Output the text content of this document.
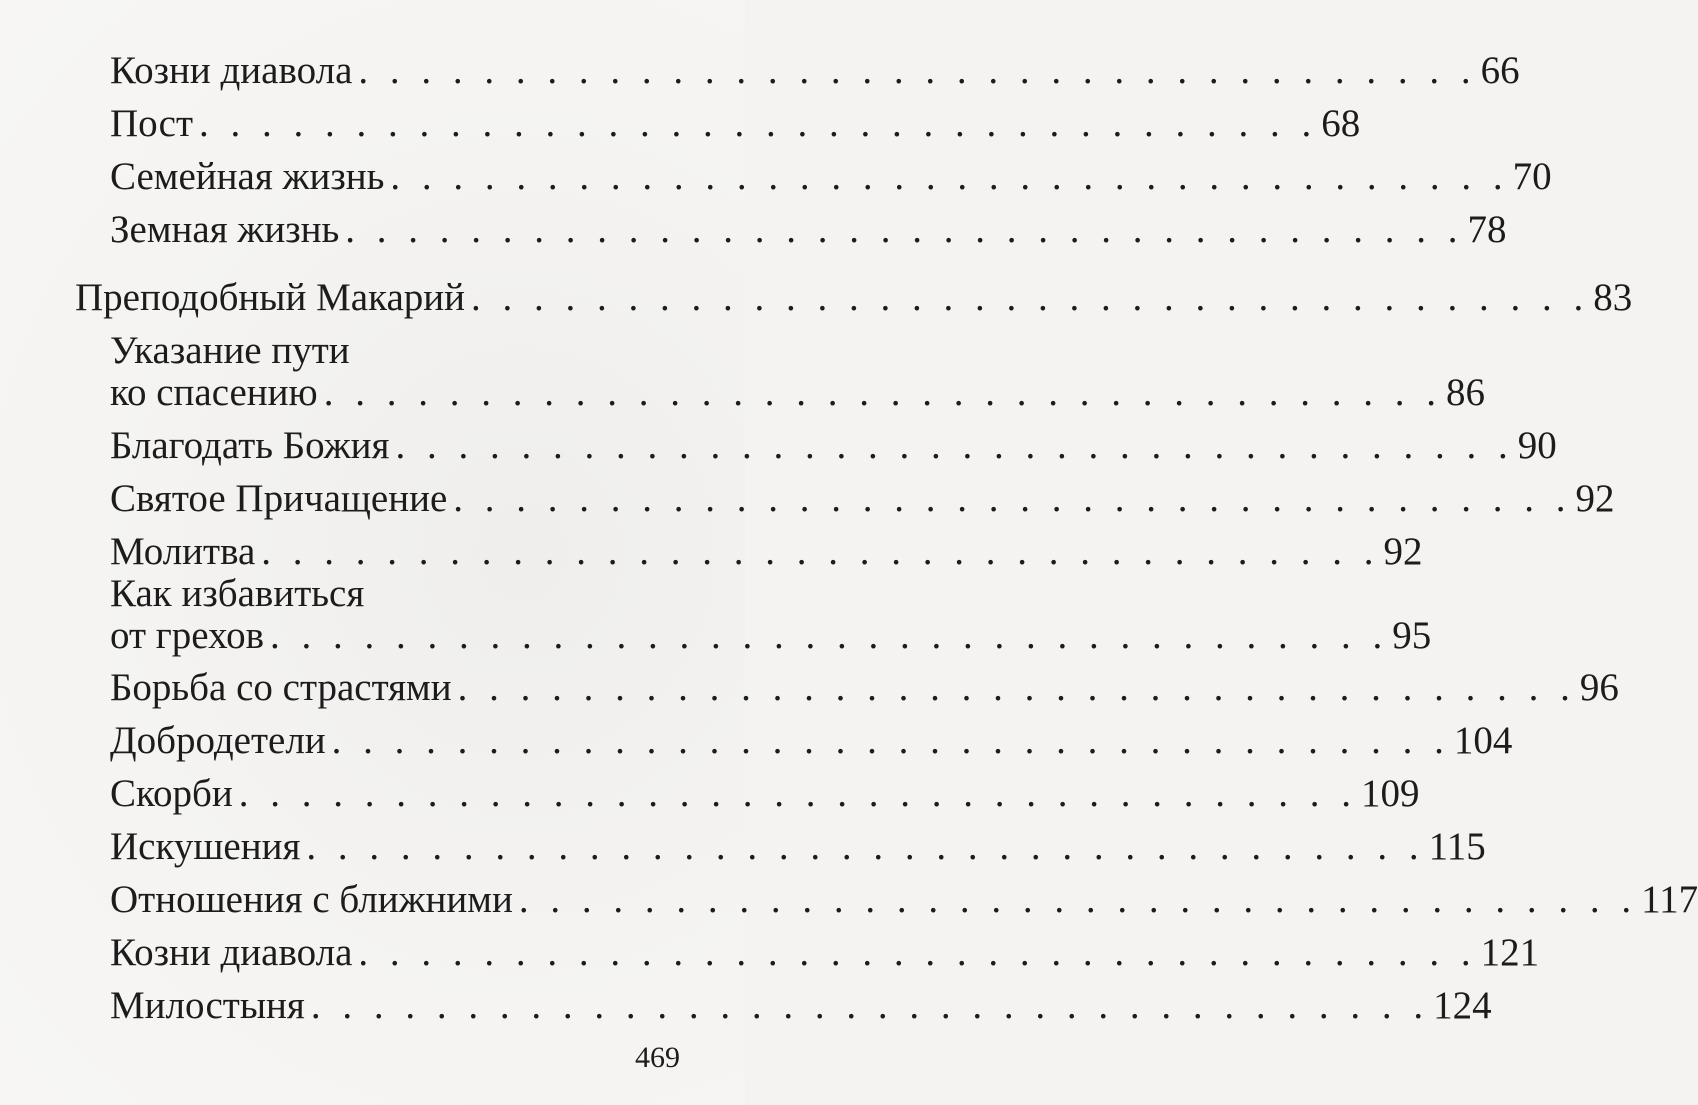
Козни диавола . . . . . . . . . . . . . . . . . . . . . . . . . . . . . . . . . . . . 66
Пост . . . . . . . . . . . . . . . . . . . . . . . . . . . . . . . . . . . . 68
Семейная жизнь . . . . . . . . . . . . . . . . . . . . . . . . . . . . . . . . . . . . 70
Земная жизнь . . . . . . . . . . . . . . . . . . . . . . . . . . . . . . . . . . . . 78
Преподобный Макарий . . . . . . . . . . . . . . . . . . . . . . . . . . . . . . . . . . . . 83
Указание пути
ко спасению . . . . . . . . . . . . . . . . . . . . . . . . . . . . . . . . . . . . 86
Благодать Божия . . . . . . . . . . . . . . . . . . . . . . . . . . . . . . . . . . . . 90
Святое Причащение . . . . . . . . . . . . . . . . . . . . . . . . . . . . . . . . . . . . 92
Молитва . . . . . . . . . . . . . . . . . . . . . . . . . . . . . . . . . . . . 92
Как избавиться
от грехов . . . . . . . . . . . . . . . . . . . . . . . . . . . . . . . . . . . . 95
Борьба со страстями . . . . . . . . . . . . . . . . . . . . . . . . . . . . . . . . . . . . 96
Добродетели . . . . . . . . . . . . . . . . . . . . . . . . . . . . . . . . . . . . 104
Скорби . . . . . . . . . . . . . . . . . . . . . . . . . . . . . . . . . . . . 109
Искушения . . . . . . . . . . . . . . . . . . . . . . . . . . . . . . . . . . . . 115
Отношения с ближними . . . . . . . . . . . . . . . . . . . . . . . . . . . . . . . . . . . . 117
Козни диавола . . . . . . . . . . . . . . . . . . . . . . . . . . . . . . . . . . . . 121
Милостыня . . . . . . . . . . . . . . . . . . . . . . . . . . . . . . . . . . . . 124
469
